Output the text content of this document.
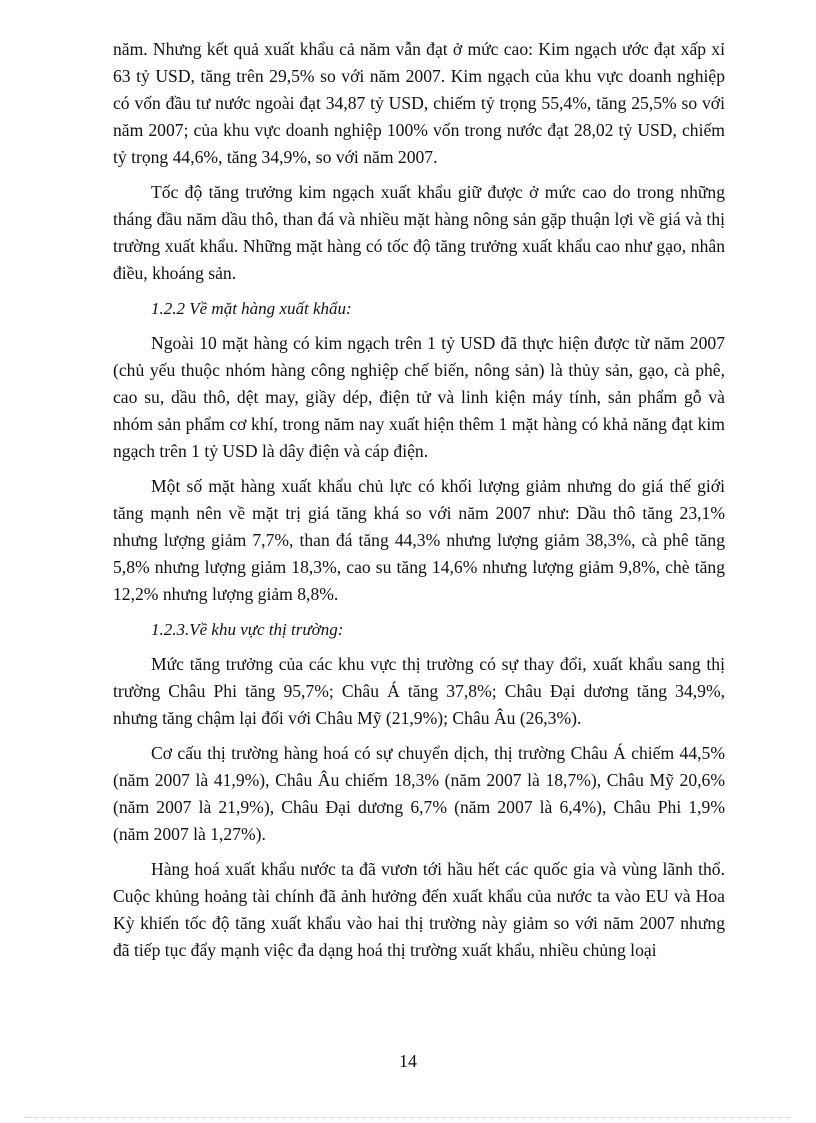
năm. Nhưng kết quả xuất khẩu cả năm vẫn đạt ở mức cao: Kim ngạch ước đạt xấp xỉ 63 tỷ USD, tăng trên 29,5% so với năm 2007. Kim ngạch của khu vực doanh nghiệp có vốn đầu tư nước ngoài đạt 34,87 tỷ USD, chiếm tỷ trọng 55,4%, tăng 25,5% so với năm 2007; của khu vực doanh nghiệp 100% vốn trong nước đạt 28,02 tỷ USD, chiếm tỷ trọng 44,6%, tăng 34,9%, so với năm 2007.

Tốc độ tăng trưởng kim ngạch xuất khẩu giữ được ở mức cao do trong những tháng đầu năm dầu thô, than đá và nhiều mặt hàng nông sản gặp thuận lợi về giá và thị trường xuất khẩu. Những mặt hàng có tốc độ tăng trưởng xuất khẩu cao như gạo, nhân điều, khoáng sản.

1.2.2 Về mặt hàng xuất khẩu:

Ngoài 10 mặt hàng có kim ngạch trên 1 tỷ USD đã thực hiện được từ năm 2007 (chủ yếu thuộc nhóm hàng công nghiệp chế biến, nông sản) là thủy sản, gạo, cà phê, cao su, dầu thô, dệt may, giầy dép, điện tử và linh kiện máy tính, sản phẩm gỗ và nhóm sản phẩm cơ khí, trong năm nay xuất hiện thêm 1 mặt hàng có khả năng đạt kim ngạch trên 1 tỷ USD là dây điện và cáp điện.

Một số mặt hàng xuất khẩu chủ lực có khối lượng giảm nhưng do giá thế giới tăng mạnh nên về mặt trị giá tăng khá so với năm 2007 như: Dầu thô tăng 23,1% nhưng lượng giảm 7,7%, than đá tăng 44,3% nhưng lượng giảm 38,3%, cà phê tăng 5,8% nhưng lượng giảm 18,3%, cao su tăng 14,6% nhưng lượng giảm 9,8%, chè tăng 12,2% nhưng lượng giảm 8,8%.

1.2.3.Về khu vực thị trường:

Mức tăng trưởng của các khu vực thị trường có sự thay đổi, xuất khẩu sang thị trường Châu Phi tăng 95,7%; Châu Á tăng 37,8%; Châu Đại dương tăng 34,9%, nhưng tăng chậm lại đối với Châu Mỹ (21,9%); Châu Âu (26,3%).

Cơ cấu thị trường hàng hoá có sự chuyển dịch, thị trường Châu Á chiếm 44,5% (năm 2007 là 41,9%), Châu Âu chiếm 18,3% (năm 2007 là 18,7%), Châu Mỹ 20,6% (năm 2007 là 21,9%), Châu Đại dương 6,7% (năm 2007 là 6,4%), Châu Phi 1,9% (năm 2007 là 1,27%).

Hàng hoá xuất khẩu nước ta đã vươn tới hầu hết các quốc gia và vùng lãnh thổ. Cuộc khủng hoảng tài chính đã ảnh hưởng đến xuất khẩu của nước ta vào EU và Hoa Kỳ khiến tốc độ tăng xuất khẩu vào hai thị trường này giảm so với năm 2007 nhưng đã tiếp tục đẩy mạnh việc đa dạng hoá thị trường xuất khẩu, nhiều chủng loại

14
